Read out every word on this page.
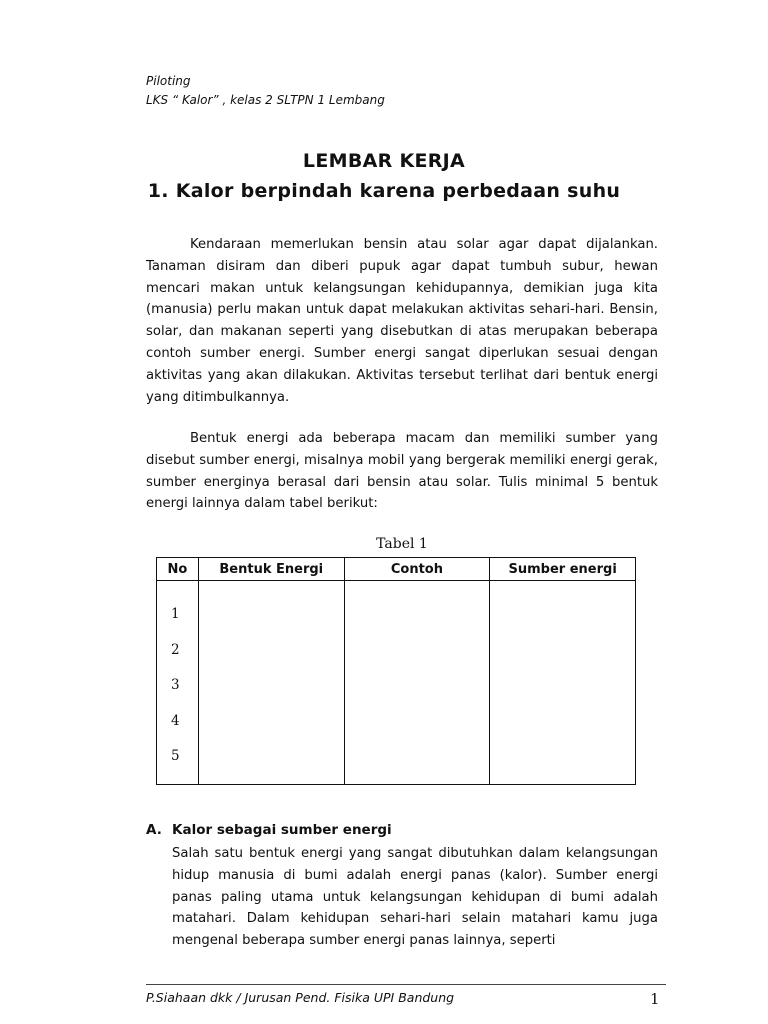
Piloting
LKS “ Kalor” , kelas 2 SLTPN 1 Lembang
LEMBAR KERJA
1. Kalor berpindah karena perbedaan suhu

Kendaraan memerlukan bensin atau solar agar dapat dijalankan. Tanaman disiram dan diberi pupuk agar dapat tumbuh subur, hewan mencari makan untuk kelangsungan kehidupannya, demikian juga kita (manusia) perlu makan untuk dapat melakukan aktivitas sehari-hari. Bensin, solar, dan makanan seperti yang disebutkan di atas merupakan beberapa contoh sumber energi. Sumber energi sangat diperlukan sesuai dengan aktivitas yang akan dilakukan. Aktivitas tersebut terlihat dari bentuk energi yang ditimbulkannya.

Bentuk energi ada beberapa macam dan memiliki sumber yang disebut sumber energi, misalnya mobil yang bergerak memiliki energi gerak, sumber energinya berasal dari bensin atau solar. Tulis minimal 5 bentuk energi lainnya dalam tabel berikut:

Tabel 1
No	Bentuk Energi	Contoh	Sumber energi

1
2
3
4
5			

A. Kalor sebagai sumber energi

Salah satu bentuk energi yang sangat dibutuhkan dalam kelangsungan hidup manusia di bumi adalah energi panas (kalor). Sumber energi panas paling utama untuk kelangsungan kehidupan di bumi adalah matahari. Dalam kehidupan sehari-hari selain matahari kamu juga mengenal beberapa sumber energi panas lainnya, seperti

P.Siahaan dkk / Jurusan Pend. Fisika UPI Bandung	1
